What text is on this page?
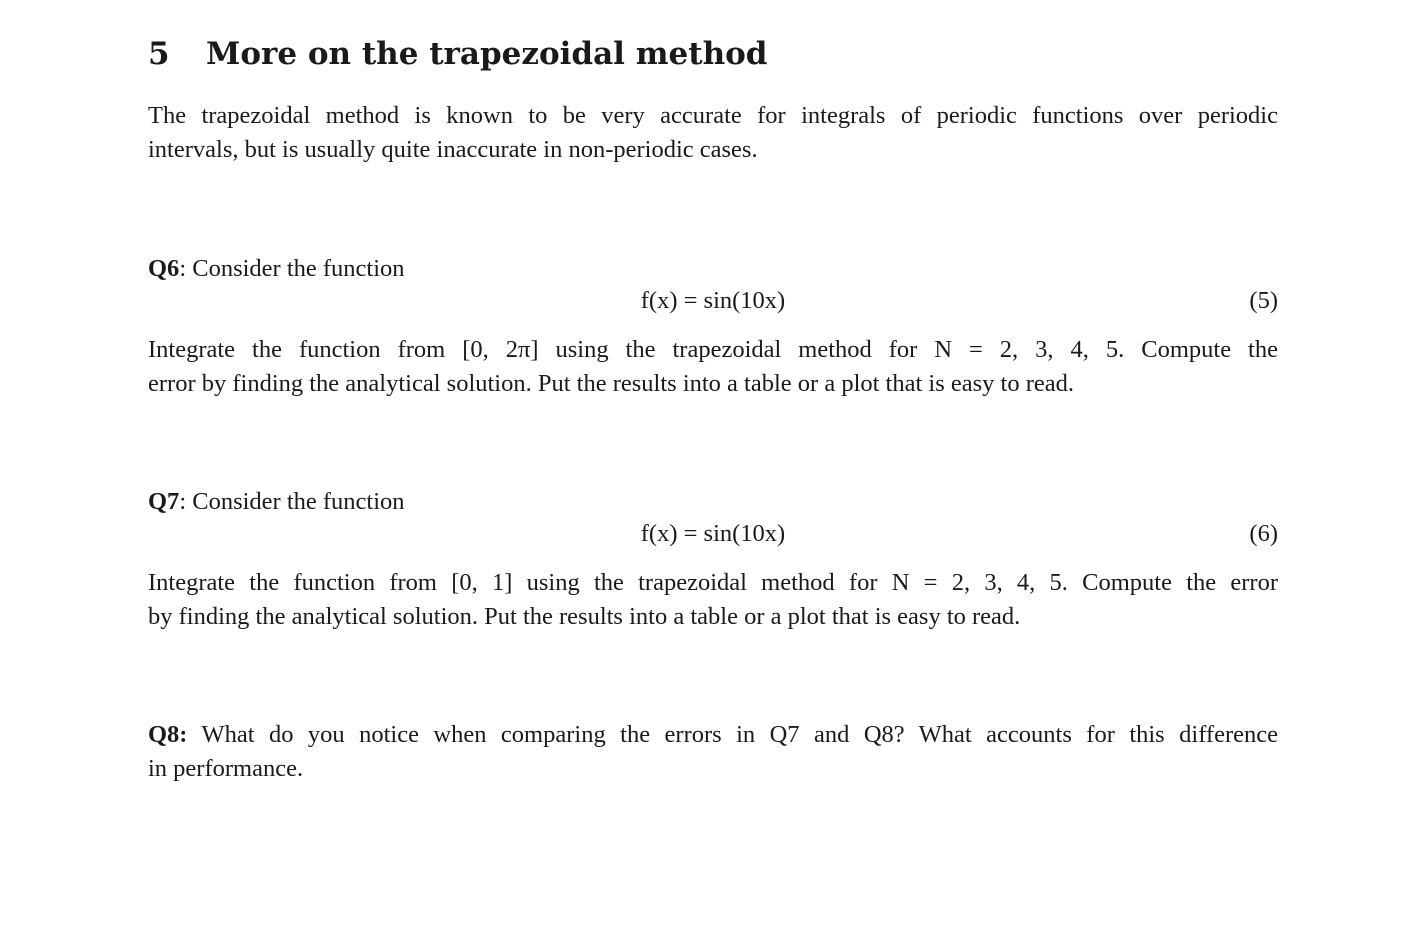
5 More on the trapezoidal method
The trapezoidal method is known to be very accurate for integrals of periodic functions over periodic
intervals, but is usually quite inaccurate in non-periodic cases.
Q6: Consider the function
f(x) = sin(10x)	(5)
Integrate the function from [0, 2π] using the trapezoidal method for N = 2, 3, 4, 5. Compute the
error by finding the analytical solution. Put the results into a table or a plot that is easy to read.
Q7: Consider the function
f(x) = sin(10x)	(6)
Integrate the function from [0, 1] using the trapezoidal method for N = 2, 3, 4, 5. Compute the error
by finding the analytical solution. Put the results into a table or a plot that is easy to read.
Q8: What do you notice when comparing the errors in Q7 and Q8? What accounts for this difference
in performance.
